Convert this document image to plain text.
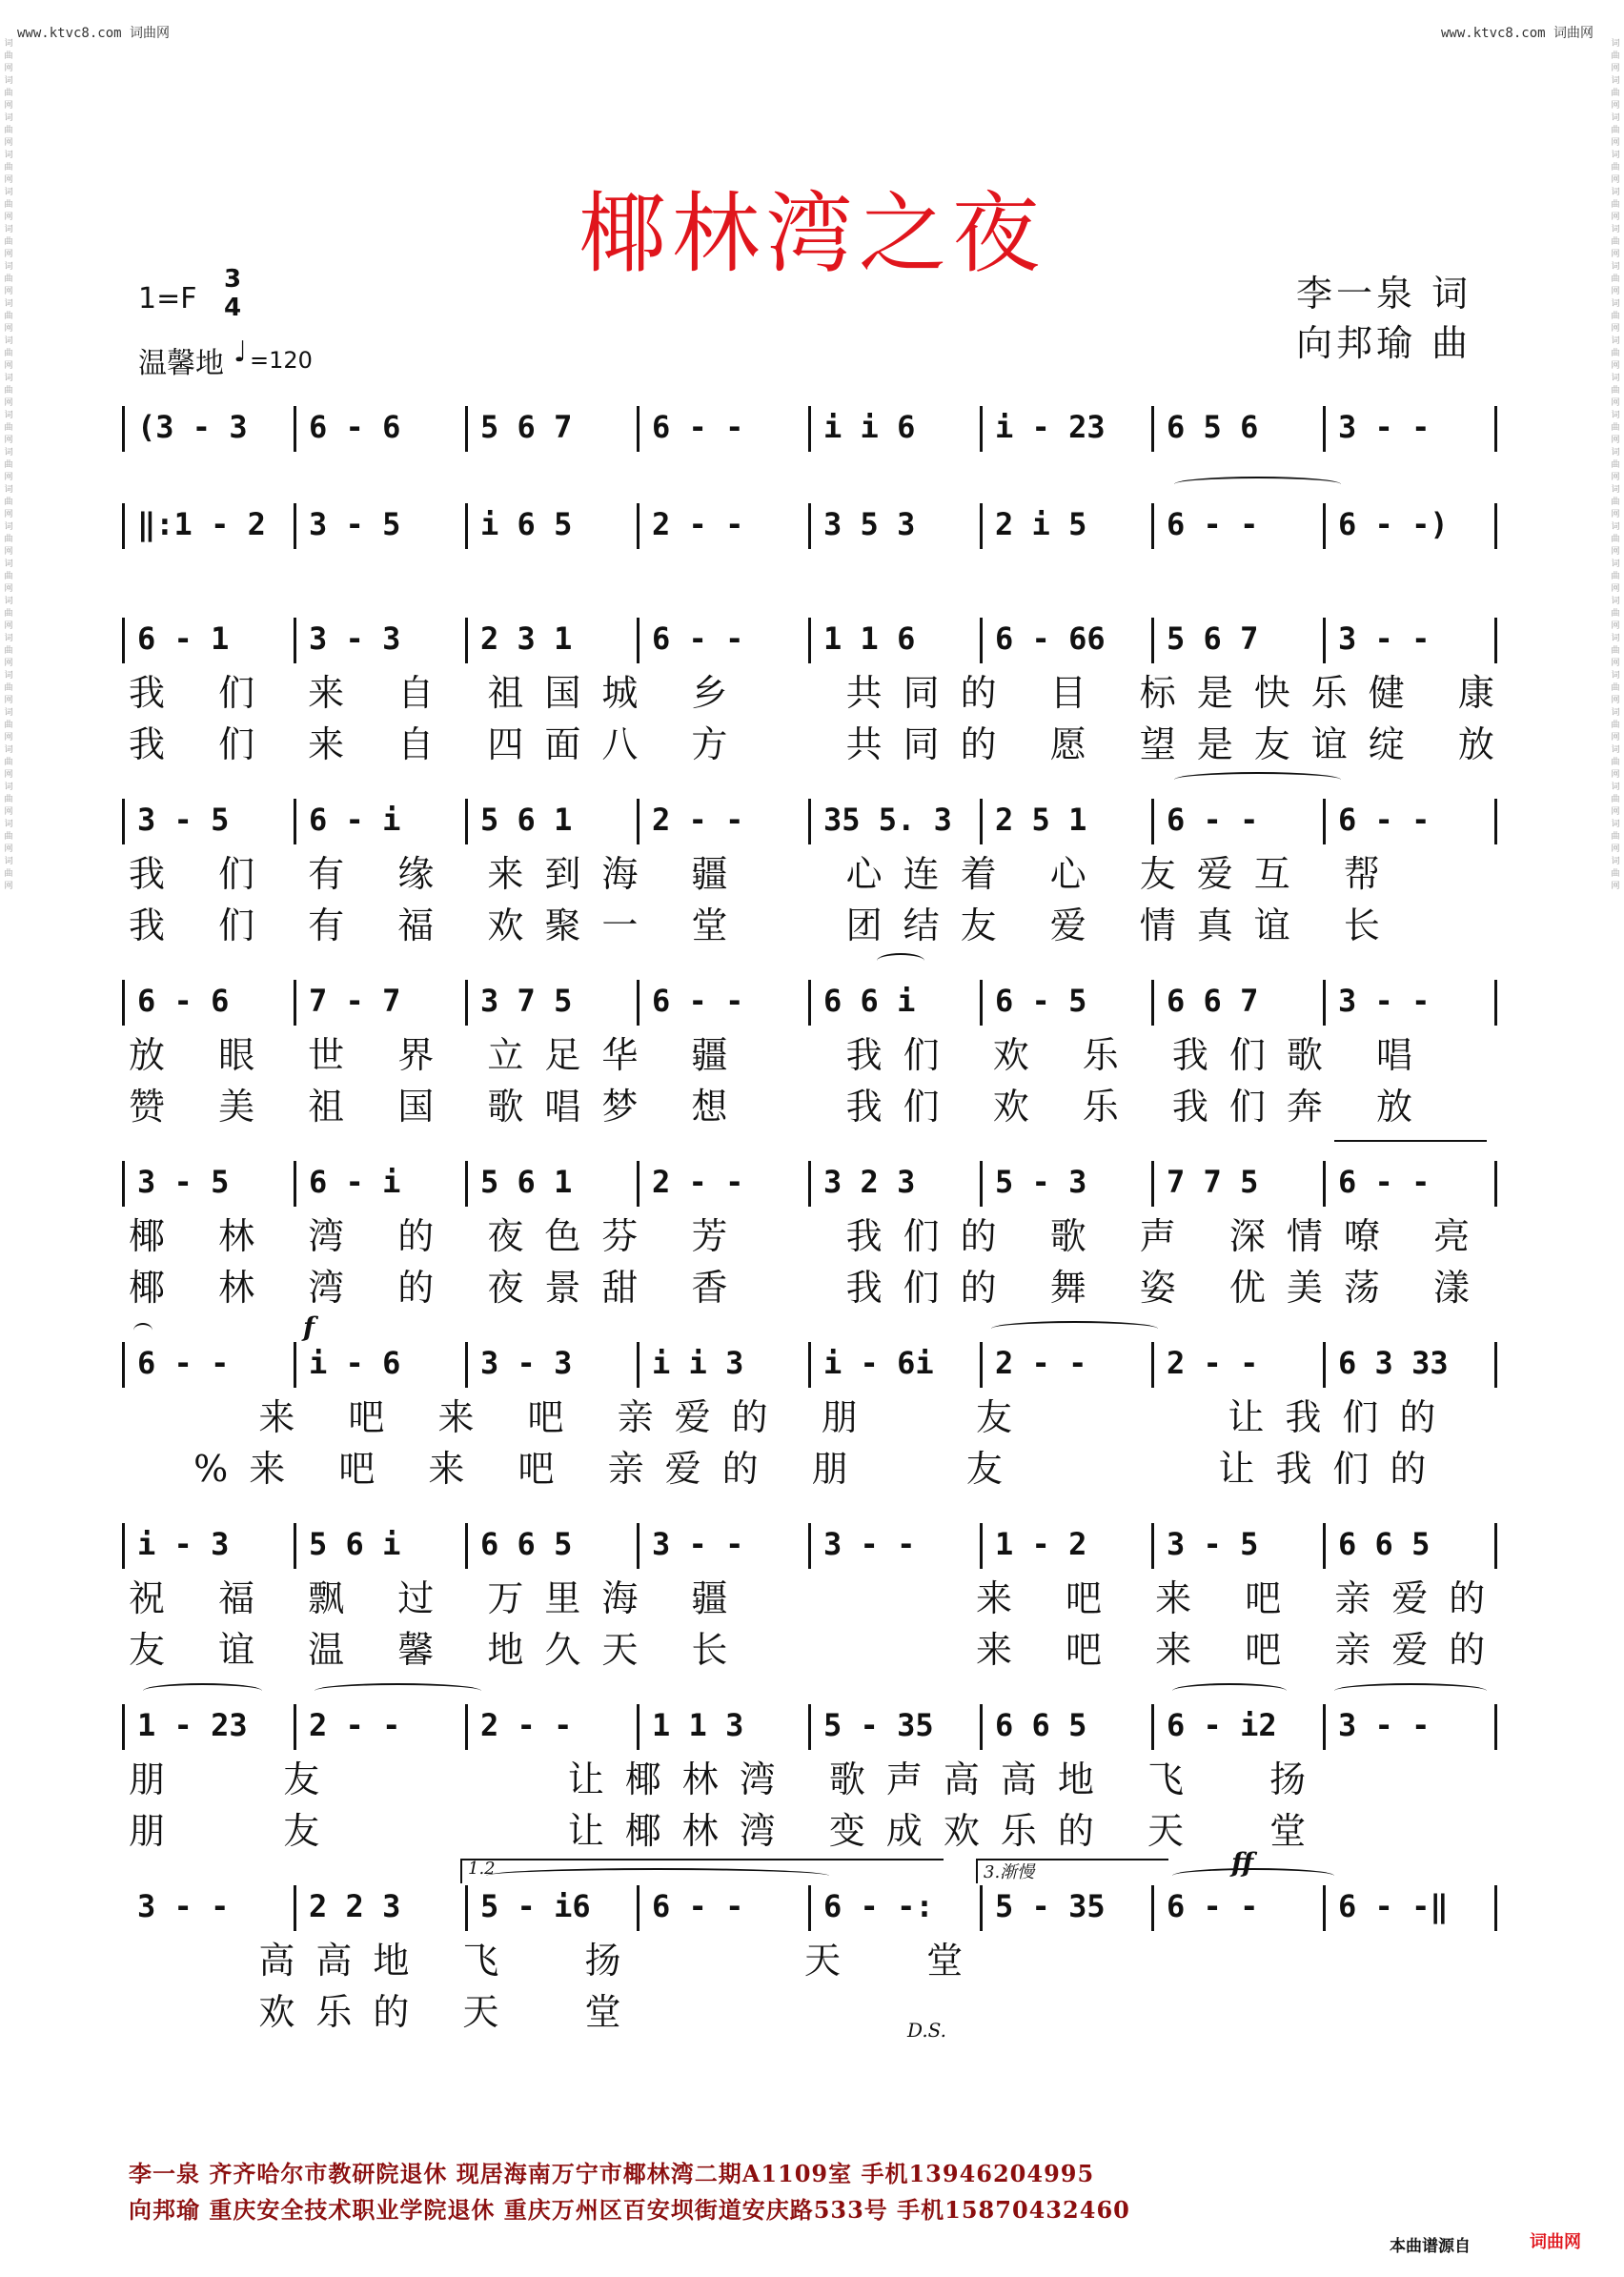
www.ktvc8.com 词曲网	www.ktvc8.com 词曲网
词曲网词曲网词曲网词曲网词曲网词曲网词曲网词曲网词曲网词曲网词曲网词曲网词曲网词曲网词曲网词曲网词曲网词曲网词曲网词曲网词曲网词曲网词曲网
词曲网词曲网词曲网词曲网词曲网词曲网词曲网词曲网词曲网词曲网词曲网词曲网词曲网词曲网词曲网词曲网词曲网词曲网词曲网词曲网词曲网词曲网词曲网
椰林湾之夜
1=F
3
4
温馨地 ♩ =120
李一泉 词
向邦瑜 曲
(3 - 3	6 - 6	5 6 7	6 - -	i i 6	i - 23	6 5 6	3 - -
‖:1 - 2	3 - 5	i 6 5	2 - -	3 5 3	2 i 5	6 - -	6 - -)
6 - 1	3 - 3	2 3 1	6 - -	1 1 6	6 - 66	5 6 7	3 - -
我 们 来 自 祖国城 乡   共同的 目 标是快乐健 康
我 们 来 自 四面八 方   共同的 愿 望是友谊绽 放
3 - 5	6 - i	5 6 1	2 - -	35 5. 3	2 5 1	6 - -	6 - -
我 们 有 缘 来到海 疆   心连着 心 友爱互 帮
我 们 有 福 欢聚一 堂   团结友 爱 情真谊 长
6 - 6	7 - 7	3 7 5	6 - -	6 6 i	6 - 5	6 6 7	3 - -
放 眼 世 界 立足华 疆   我们 欢 乐 我们歌 唱
赞 美 祖 国 歌唱梦 想   我们 欢 乐 我们奔 放
3 - 5	6 - i	5 6 1	2 - -	3 2 3	5 - 3	7 7 5	6 - -
椰 林 湾 的 夜色芬 芳   我们的 歌 声 深情嘹 亮
椰 林 湾 的 夜景甜 香   我们的 舞 姿 优美荡 漾
6 - -	i - 6	3 - 3	i i 3	i - 6i	2 - -	2 - -	6 3 33
来 吧 来 吧 亲爱的 朋   友      让我们的
%来 吧 来 吧 亲爱的 朋   友      让我们的
i - 3	5 6 i	6 6 5	3 - -	3 - -	1 - 2	3 - 5	6 6 5
祝 福 飘 过 万里海 疆       来 吧 来 吧 亲爱的
友 谊 温 馨 地久天 长       来 吧 来 吧 亲爱的
1 - 23	2 - -	2 - -	1 1 3	5 - 35	6 6 5	6 - i2	3 - -
朋   友       让椰林湾 歌声高高地 飞  扬
朋   友       让椰林湾 变成欢乐的 天  堂
3 - -	2 2 3	5 - i6	6 - -	6 - -:	5 - 35	6 - -	6 - -‖
高高地 飞  扬     天  堂
欢乐的 天  堂
1.2	3.渐慢
f
ff
D.S.
李一泉 齐齐哈尔市教研院退休 现居海南万宁市椰林湾二期A1109室 手机13946204995
向邦瑜 重庆安全技术职业学院退休 重庆万州区百安坝街道安庆路533号 手机15870432460
本曲谱源自	词曲网
